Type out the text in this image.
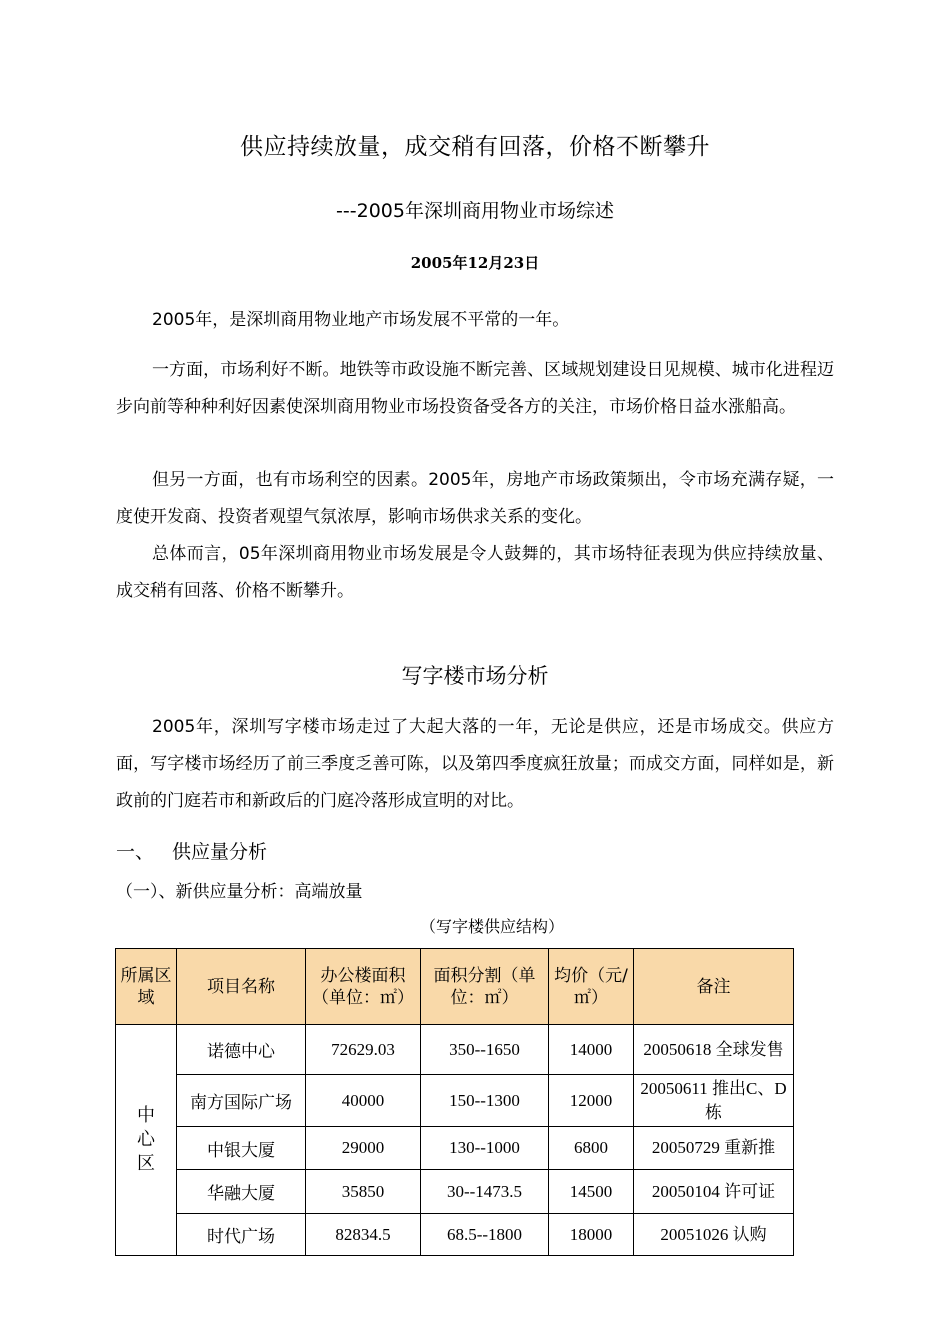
供应持续放量，成交稍有回落，价格不断攀升
---2005年深圳商用物业市场综述
2005年12月23日

2005年，是深圳商用物业地产市场发展不平常的一年。

一方面，市场利好不断。地铁等市政设施不断完善、区域规划建设日见规模、城市化进程迈步向前等种种利好因素使深圳商用物业市场投资备受各方的关注，市场价格日益水涨船高。

但另一方面，也有市场利空的因素。2005年，房地产市场政策频出，令市场充满存疑，一度使开发商、投资者观望气氛浓厚，影响市场供求关系的变化。

总体而言，05年深圳商用物业市场发展是令人鼓舞的，其市场特征表现为供应持续放量、成交稍有回落、价格不断攀升。

写字楼市场分析

2005年，深圳写字楼市场走过了大起大落的一年，无论是供应，还是市场成交。供应方面，写字楼市场经历了前三季度乏善可陈，以及第四季度疯狂放量；而成交方面，同样如是，新政前的门庭若市和新政后的门庭冷落形成宣明的对比。

一、 供应量分析
（一）、新供应量分析：高端放量
（写字楼供应结构）
所属区域	项目名称	办公楼面积（单位：㎡）	面积分割（单位：㎡）	均价（元/㎡）	备注

中
心
区	诺德中心	72629.03	350--1650	14000	20050618 全球发售
	南方国际广场	40000	150--1300	12000	20050611 推出C、D栋
	中银大厦	29000	130--1000	6800	20050729 重新推
	华融大厦	35850	30--1473.5	14500	20050104 许可证
	时代广场	82834.5	68.5--1800	18000	20051026 认购
